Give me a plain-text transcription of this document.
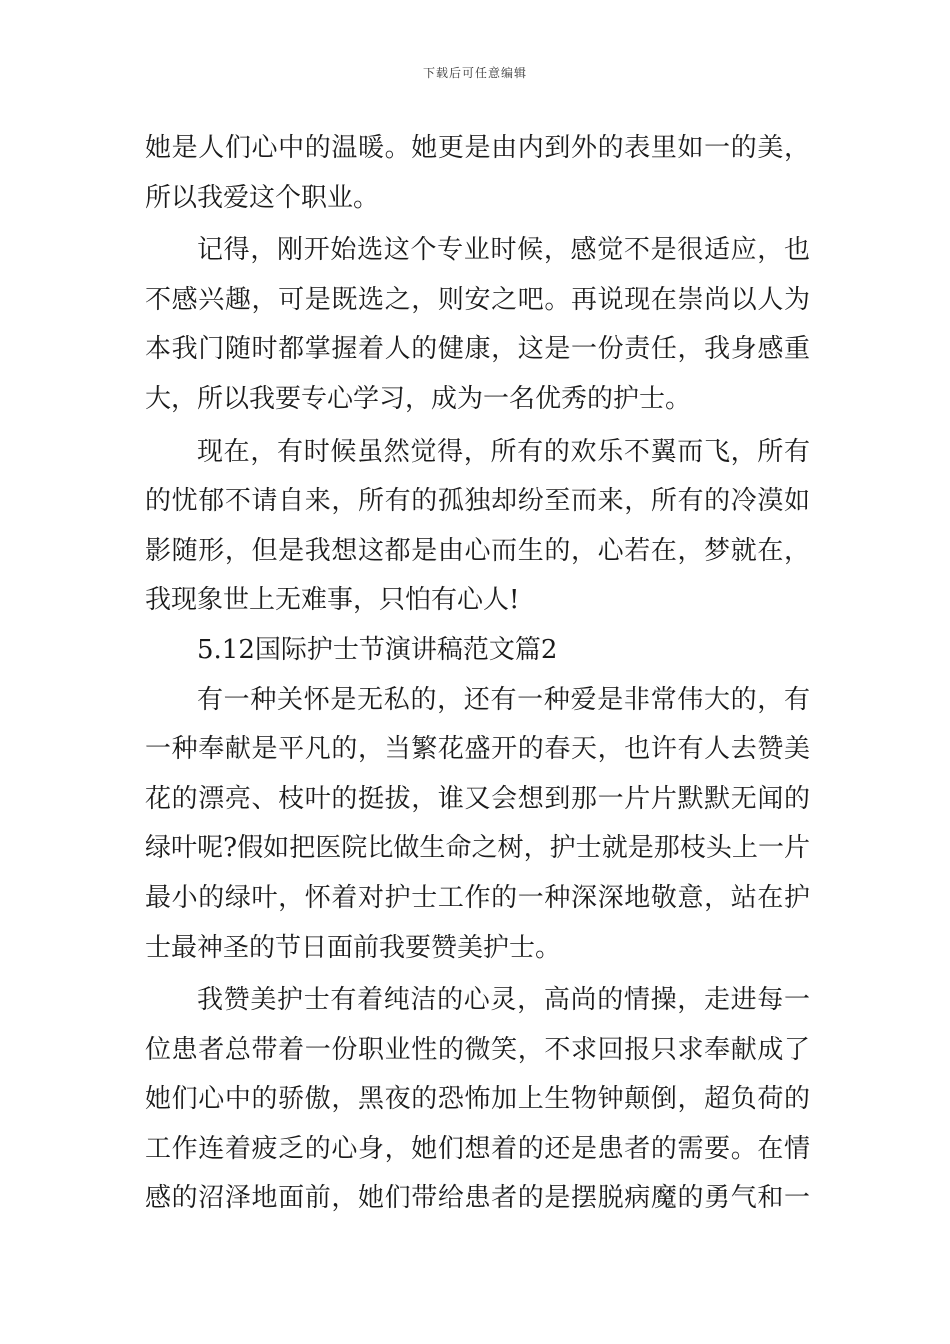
下载后可任意编辑
她是人们心中的温暖。她更是由内到外的表里如一的美，
所以我爱这个职业。
记得，刚开始选这个专业时候，感觉不是很适应，也
不感兴趣，可是既选之，则安之吧。再说现在崇尚以人为
本我门随时都掌握着人的健康，这是一份责任，我身感重
大，所以我要专心学习，成为一名优秀的护士。
现在，有时候虽然觉得，所有的欢乐不翼而飞，所有
的忧郁不请自来，所有的孤独却纷至而来，所有的冷漠如
影随形，但是我想这都是由心而生的，心若在，梦就在，
我现象世上无难事，只怕有心人!
5.12国际护士节演讲稿范文篇2
有一种关怀是无私的，还有一种爱是非常伟大的，有
一种奉献是平凡的，当繁花盛开的春天，也许有人去赞美
花的漂亮、枝叶的挺拔，谁又会想到那一片片默默无闻的
绿叶呢?假如把医院比做生命之树，护士就是那枝头上一片
最小的绿叶，怀着对护士工作的一种深深地敬意，站在护
士最神圣的节日面前我要赞美护士。
我赞美护士有着纯洁的心灵，高尚的情操，走进每一
位患者总带着一份职业性的微笑，不求回报只求奉献成了
她们心中的骄傲，黑夜的恐怖加上生物钟颠倒，超负荷的
工作连着疲乏的心身，她们想着的还是患者的需要。在情
感的沼泽地面前，她们带给患者的是摆脱病魔的勇气和一
